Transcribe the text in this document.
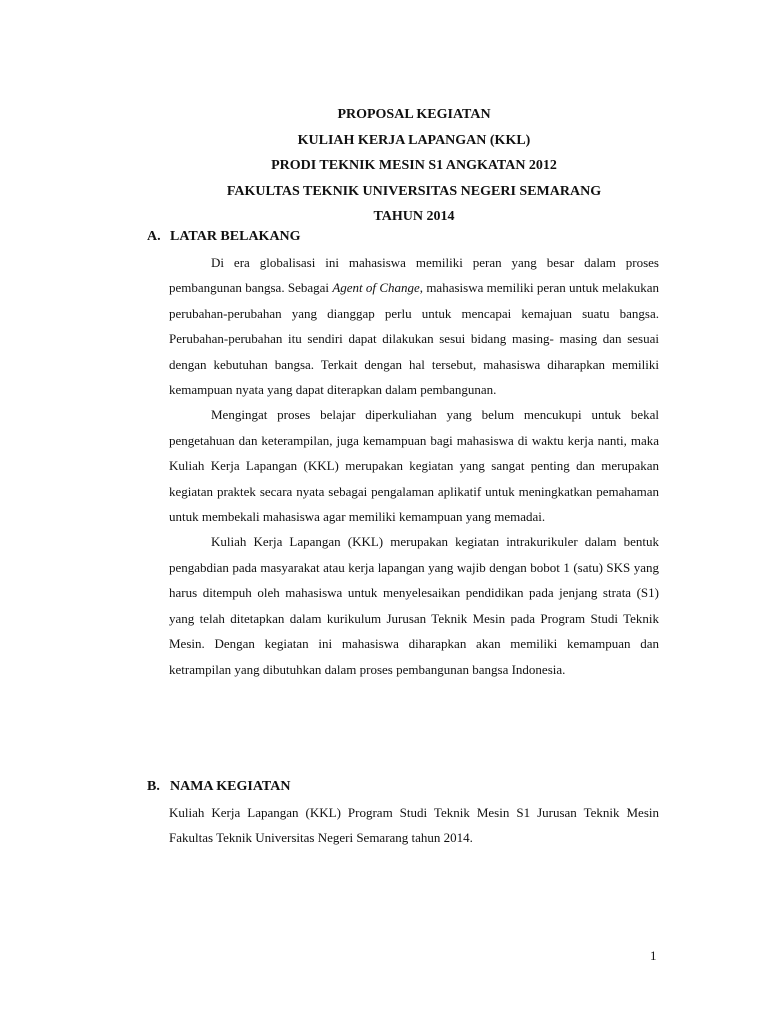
PROPOSAL KEGIATAN
KULIAH KERJA LAPANGAN (KKL)
PRODI TEKNIK MESIN S1 ANGKATAN 2012
FAKULTAS TEKNIK UNIVERSITAS NEGERI SEMARANG
TAHUN 2014
A. LATAR BELAKANG

Di era globalisasi ini mahasiswa memiliki peran yang besar dalam proses pembangunan bangsa. Sebagai Agent of Change, mahasiswa memiliki peran untuk melakukan perubahan-perubahan yang dianggap perlu untuk mencapai kemajuan suatu bangsa. Perubahan-perubahan itu sendiri dapat dilakukan sesui bidang masing- masing dan sesuai dengan kebutuhan bangsa. Terkait dengan hal tersebut, mahasiswa diharapkan memiliki kemampuan nyata yang dapat diterapkan dalam pembangunan.

Mengingat proses belajar diperkuliahan yang belum mencukupi untuk bekal pengetahuan dan keterampilan, juga kemampuan bagi mahasiswa di waktu kerja nanti, maka Kuliah Kerja Lapangan (KKL) merupakan kegiatan yang sangat penting dan merupakan kegiatan praktek secara nyata sebagai pengalaman aplikatif untuk meningkatkan pemahaman untuk membekali mahasiswa agar memiliki kemampuan yang memadai.

Kuliah Kerja Lapangan (KKL) merupakan kegiatan intrakurikuler dalam bentuk pengabdian pada masyarakat atau kerja lapangan yang wajib dengan bobot 1 (satu) SKS yang harus ditempuh oleh mahasiswa untuk menyelesaikan pendidikan pada jenjang strata (S1) yang telah ditetapkan dalam kurikulum Jurusan Teknik Mesin pada Program Studi Teknik Mesin. Dengan kegiatan ini mahasiswa diharapkan akan memiliki kemampuan dan ketrampilan yang dibutuhkan dalam proses pembangunan bangsa Indonesia.

B. NAMA KEGIATAN

Kuliah Kerja Lapangan (KKL) Program Studi Teknik Mesin S1 Jurusan Teknik Mesin Fakultas Teknik Universitas Negeri Semarang tahun 2014.

1
